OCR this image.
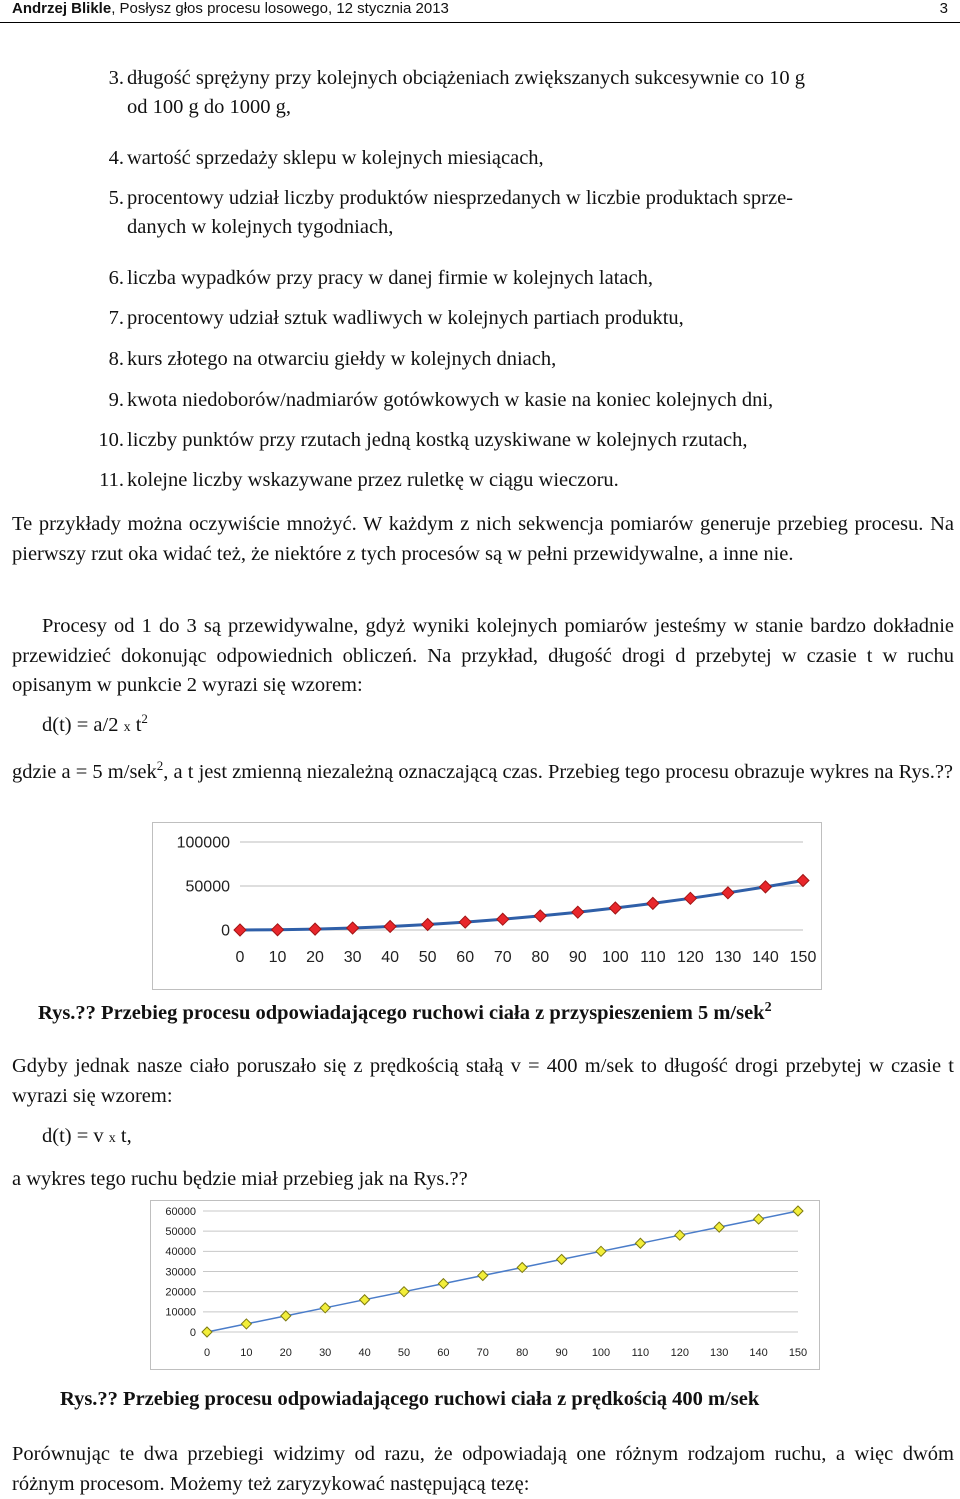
Andrzej Blikle, Posłysz głos procesu losowego, 12 stycznia 2013	3
3. długość sprężyny przy kolejnych obciążeniach zwiększanych sukcesywnie co 10 g
od 100 g do 1000 g,
4. wartość sprzedaży sklepu w kolejnych miesiącach,
5. procentowy udział liczby produktów niesprzedanych w liczbie produktach sprze-
danych w kolejnych tygodniach,
6. liczba wypadków przy pracy w danej firmie w kolejnych latach,
7. procentowy udział sztuk wadliwych w kolejnych partiach produktu,
8. kurs złotego na otwarciu giełdy w kolejnych dniach,
9. kwota niedoborów/nadmiarów gotówkowych w kasie na koniec kolejnych dni,
10. liczby punktów przy rzutach jedną kostką uzyskiwane w kolejnych rzutach,
11. kolejne liczby wskazywane przez ruletkę w ciągu wieczoru.
Te przykłady można oczywiście mnożyć. W każdym z nich sekwencja pomiarów generuje przebieg procesu. Na pierwszy rzut oka widać też, że niektóre z tych procesów są w pełni przewidywalne, a inne nie.
Procesy od 1 do 3 są przewidywalne, gdyż wyniki kolejnych pomiarów jesteśmy w stanie bardzo dokładnie przewidzieć dokonując odpowiednich obliczeń. Na przykład, długość drogi d przebytej w czasie t w ruchu opisanym w punkcie 2 wyrazi się wzorem:
d(t) = a/2 x $t^2$
gdzie a = 5 m/sek$^2$, a t jest zmienną niezależną oznaczającą czas. Przebieg tego procesu obrazuje wykres na Rys.??
0
50000
100000
0 10 20 30 40 50 60 70 80 90 100 110 120 130 140 150
Rys.?? Przebieg procesu odpowiadającego ruchowi ciała z przyspieszeniem 5 m/sek$^2$
Gdyby jednak nasze ciało poruszało się z prędkością stałą v = 400 m/sek to długość drogi przebytej w czasie t wyrazi się wzorem:
d(t) = v x t,
a wykres tego ruchu będzie miał przebieg jak na Rys.??
0
10000
20000
30000
40000
50000
60000
0	10 20 30 40 50 60 70 80 90 100 110 120 130 140 150
Rys.?? Przebieg procesu odpowiadającego ruchowi ciała z prędkością 400 m/sek
Porównując te dwa przebiegi widzimy od razu, że odpowiadają one różnym rodzajom ruchu, a więc dwóm różnym procesom. Możemy też zaryzykować następującą tezę:
